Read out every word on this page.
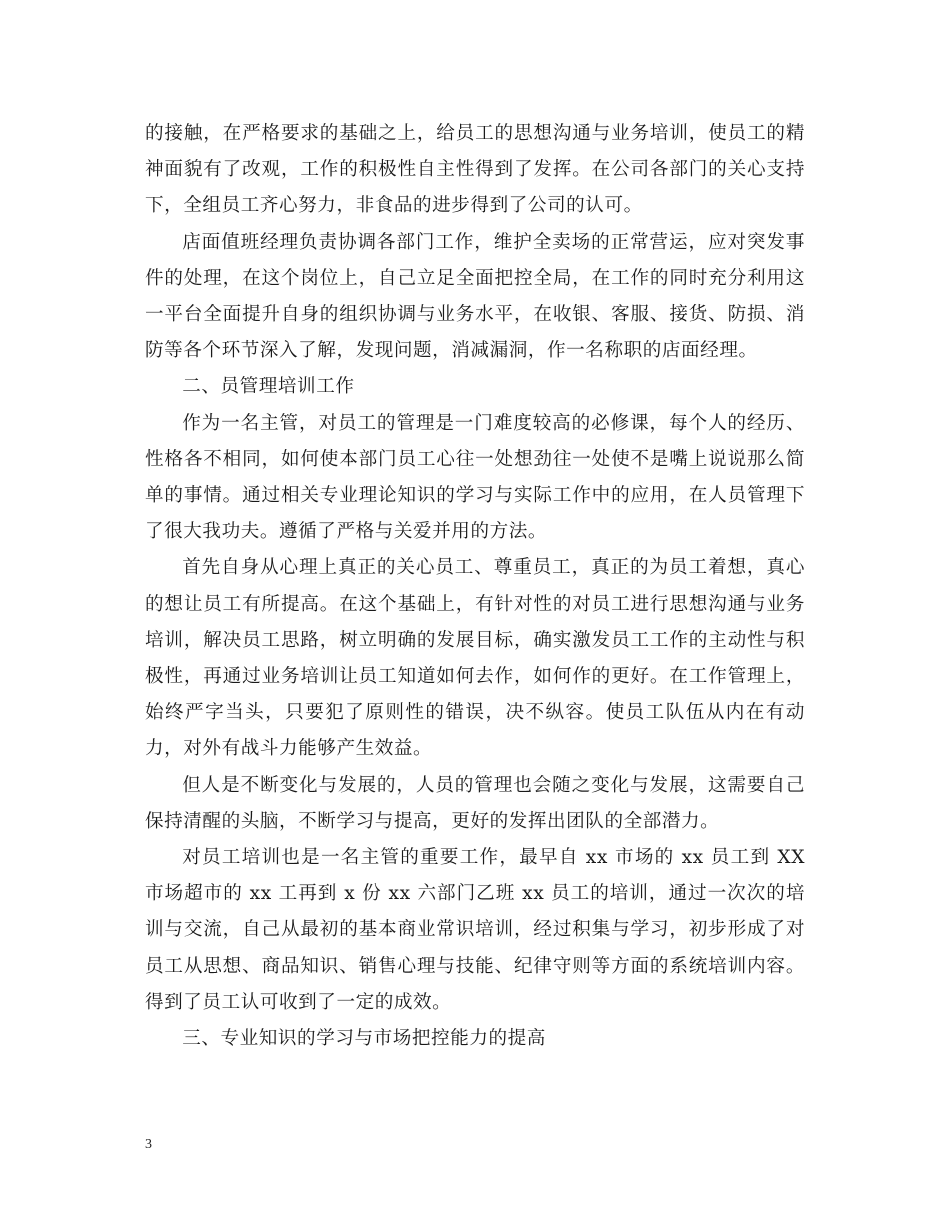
的接触，在严格要求的基础之上，给员工的思想沟通与业务培训，使员工的精神面貌有了改观，工作的积极性自主性得到了发挥。在公司各部门的关心支持下，全组员工齐心努力，非食品的进步得到了公司的认可。

店面值班经理负责协调各部门工作，维护全卖场的正常营运，应对突发事件的处理，在这个岗位上，自己立足全面把控全局，在工作的同时充分利用这一平台全面提升自身的组织协调与业务水平，在收银、客服、接货、防损、消防等各个环节深入了解，发现问题，消减漏洞，作一名称职的店面经理。

二、员管理培训工作

作为一名主管，对员工的管理是一门难度较高的必修课，每个人的经历、性格各不相同，如何使本部门员工心往一处想劲往一处使不是嘴上说说那么简单的事情。通过相关专业理论知识的学习与实际工作中的应用，在人员管理下了很大我功夫。遵循了严格与关爱并用的方法。

首先自身从心理上真正的关心员工、尊重员工，真正的为员工着想，真心的想让员工有所提高。在这个基础上，有针对性的对员工进行思想沟通与业务培训，解决员工思路，树立明确的发展目标，确实激发员工工作的主动性与积极性，再通过业务培训让员工知道如何去作，如何作的更好。在工作管理上，始终严字当头，只要犯了原则性的错误，决不纵容。使员工队伍从内在有动力，对外有战斗力能够产生效益。

但人是不断变化与发展的，人员的管理也会随之变化与发展，这需要自己保持清醒的头脑，不断学习与提高，更好的发挥出团队的全部潜力。

对员工培训也是一名主管的重要工作，最早自 xx 市场的 xx 员工到 XX 市场超市的 xx 工再到 x 份 xx 六部门乙班 xx 员工的培训，通过一次次的培训与交流，自己从最初的基本商业常识培训，经过积集与学习，初步形成了对员工从思想、商品知识、销售心理与技能、纪律守则等方面的系统培训内容。得到了员工认可收到了一定的成效。

三、专业知识的学习与市场把控能力的提高

3
